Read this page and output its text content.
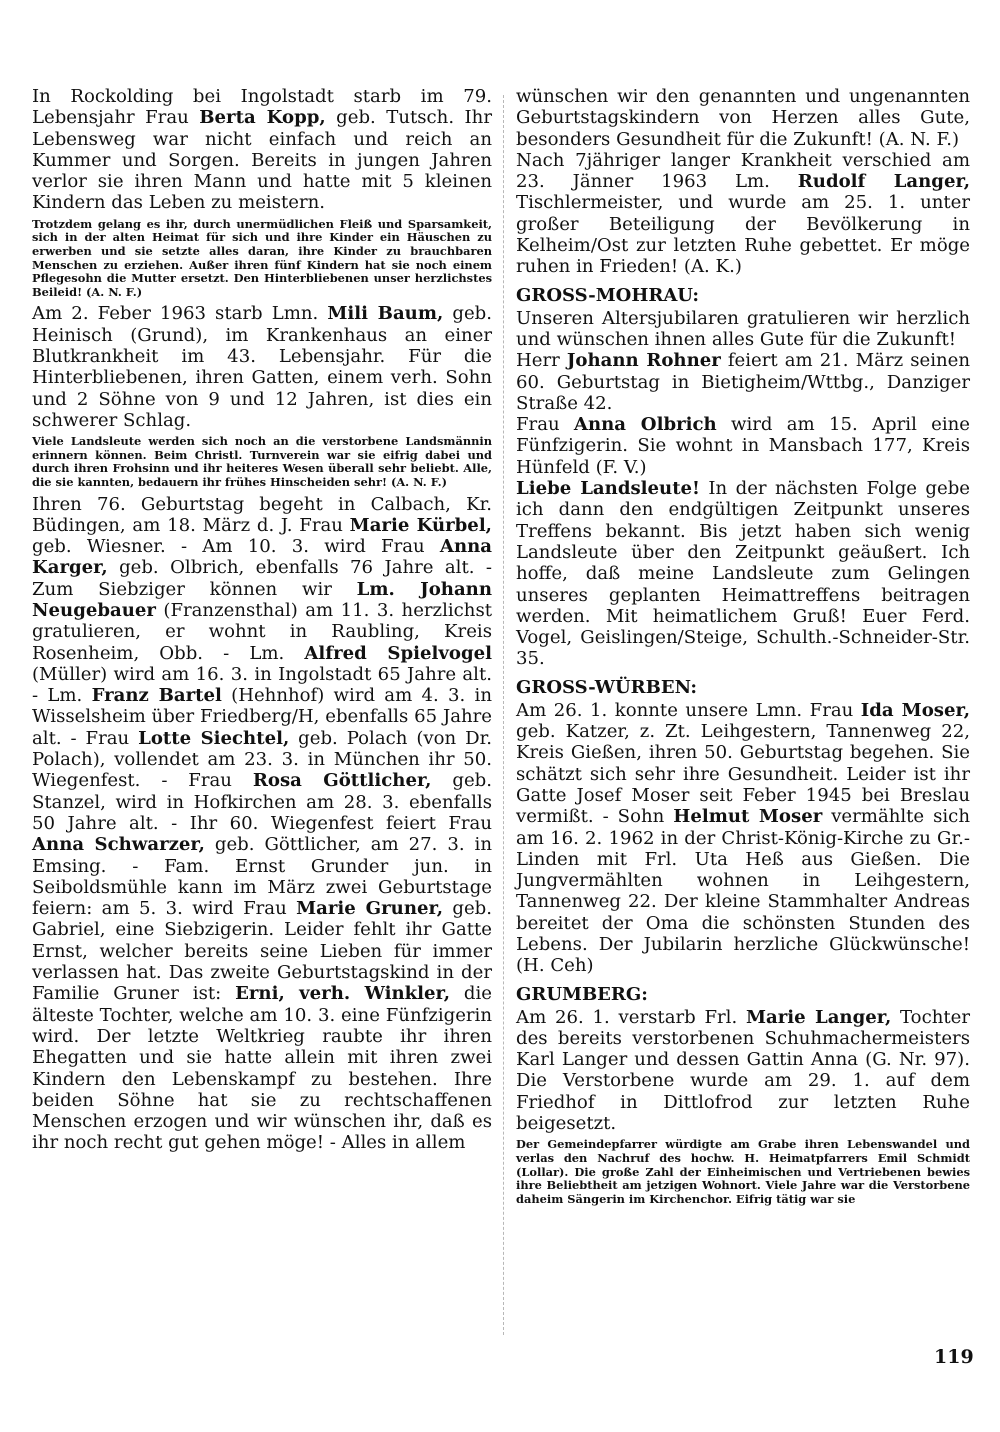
In Rockolding bei Ingolstadt starb im 79. Lebensjahr Frau Berta Kopp, geb. Tutsch. Ihr Lebensweg war nicht einfach und reich an Kummer und Sorgen. Bereits in jungen Jahren verlor sie ihren Mann und hatte mit 5 kleinen Kindern das Leben zu meistern.

Trotzdem gelang es ihr, durch unermüdlichen Fleiß und Sparsamkeit, sich in der alten Heimat für sich und ihre Kinder ein Häuschen zu erwerben und sie setzte alles daran, ihre Kinder zu brauchbaren Menschen zu erziehen. Außer ihren fünf Kindern hat sie noch einem Pflegesohn die Mutter ersetzt. Den Hinterbliebenen unser herzlichstes Beileid! (A. N. F.)

Am 2. Feber 1963 starb Lmn. Mili Baum, geb. Heinisch (Grund), im Krankenhaus an einer Blutkrankheit im 43. Lebensjahr. Für die Hinterbliebenen, ihren Gatten, einem verh. Sohn und 2 Söhne von 9 und 12 Jahren, ist dies ein schwerer Schlag.

Viele Landsleute werden sich noch an die verstorbene Landsmännin erinnern können. Beim Christl. Turnverein war sie eifrig dabei und durch ihren Frohsinn und ihr heiteres Wesen überall sehr beliebt. Alle, die sie kannten, bedauern ihr frühes Hinscheiden sehr! (A. N. F.)

Ihren 76. Geburtstag begeht in Calbach, Kr. Büdingen, am 18. März d. J. Frau Marie Kürbel, geb. Wiesner. - Am 10. 3. wird Frau Anna Karger, geb. Olbrich, ebenfalls 76 Jahre alt. - Zum Siebziger können wir Lm. Johann Neugebauer (Franzensthal) am 11. 3. herzlichst gratulieren, er wohnt in Raubling, Kreis Rosenheim, Obb. - Lm. Alfred Spielvogel (Müller) wird am 16. 3. in Ingolstadt 65 Jahre alt. - Lm. Franz Bartel (Hehnhof) wird am 4. 3. in Wisselsheim über Friedberg/H, ebenfalls 65 Jahre alt. - Frau Lotte Siechtel, geb. Polach (von Dr. Polach), vollendet am 23. 3. in München ihr 50. Wiegenfest. - Frau Rosa Göttlicher, geb. Stanzel, wird in Hofkirchen am 28. 3. ebenfalls 50 Jahre alt. - Ihr 60. Wiegenfest feiert Frau Anna Schwarzer, geb. Göttlicher, am 27. 3. in Emsing. - Fam. Ernst Grunder jun. in Seiboldsmühle kann im März zwei Geburtstage feiern: am 5. 3. wird Frau Marie Gruner, geb. Gabriel, eine Siebzigerin. Leider fehlt ihr Gatte Ernst, welcher bereits seine Lieben für immer verlassen hat. Das zweite Geburtstagskind in der Familie Gruner ist: Erni, verh. Winkler, die älteste Tochter, welche am 10. 3. eine Fünfzigerin wird. Der letzte Weltkrieg raubte ihr ihren Ehegatten und sie hatte allein mit ihren zwei Kindern den Lebenskampf zu bestehen. Ihre beiden Söhne hat sie zu rechtschaffenen Menschen erzogen und wir wünschen ihr, daß es ihr noch recht gut gehen möge! - Alles in allem

wünschen wir den genannten und ungenannten Geburtstagskindern von Herzen alles Gute, besonders Gesundheit für die Zukunft! (A. N. F.)

Nach 7jähriger langer Krankheit verschied am 23. Jänner 1963 Lm. Rudolf Langer, Tischlermeister, und wurde am 25. 1. unter großer Beteiligung der Bevölkerung in Kelheim/Ost zur letzten Ruhe gebettet. Er möge ruhen in Frieden! (A. K.)

GROSS-MOHRAU:

Unseren Altersjubilaren gratulieren wir herzlich und wünschen ihnen alles Gute für die Zukunft!

Herr Johann Rohner feiert am 21. März seinen 60. Geburtstag in Bietigheim/Wttbg., Danziger Straße 42.

Frau Anna Olbrich wird am 15. April eine Fünfzigerin. Sie wohnt in Mansbach 177, Kreis Hünfeld (F. V.)

Liebe Landsleute! In der nächsten Folge gebe ich dann den endgültigen Zeitpunkt unseres Treffens bekannt. Bis jetzt haben sich wenig Landsleute über den Zeitpunkt geäußert. Ich hoffe, daß meine Landsleute zum Gelingen unseres geplanten Heimattreffens beitragen werden. Mit heimatlichem Gruß! Euer Ferd. Vogel, Geislingen/Steige, Schulth.-Schneider-Str. 35.

GROSS-WÜRBEN:

Am 26. 1. konnte unsere Lmn. Frau Ida Moser, geb. Katzer, z. Zt. Leihgestern, Tannenweg 22, Kreis Gießen, ihren 50. Geburtstag begehen. Sie schätzt sich sehr ihre Gesundheit. Leider ist ihr Gatte Josef Moser seit Feber 1945 bei Breslau vermißt. - Sohn Helmut Moser vermählte sich am 16. 2. 1962 in der Christ-König-Kirche zu Gr.-Linden mit Frl. Uta Heß aus Gießen. Die Jungvermählten wohnen in Leihgestern, Tannenweg 22. Der kleine Stammhalter Andreas bereitet der Oma die schönsten Stunden des Lebens. Der Jubilarin herzliche Glückwünsche! (H. Ceh)

GRUMBERG:

Am 26. 1. verstarb Frl. Marie Langer, Tochter des bereits verstorbenen Schuhmachermeisters Karl Langer und dessen Gattin Anna (G. Nr. 97). Die Verstorbene wurde am 29. 1. auf dem Friedhof in Dittlofrod zur letzten Ruhe beigesetzt.

Der Gemeindepfarrer würdigte am Grabe ihren Lebenswandel und verlas den Nachruf des hochw. H. Heimatpfarrers Emil Schmidt (Lollar). Die große Zahl der Einheimischen und Vertriebenen bewies ihre Beliebtheit am jetzigen Wohnort. Viele Jahre war die Verstorbene daheim Sängerin im Kirchenchor. Eifrig tätig war sie

119
